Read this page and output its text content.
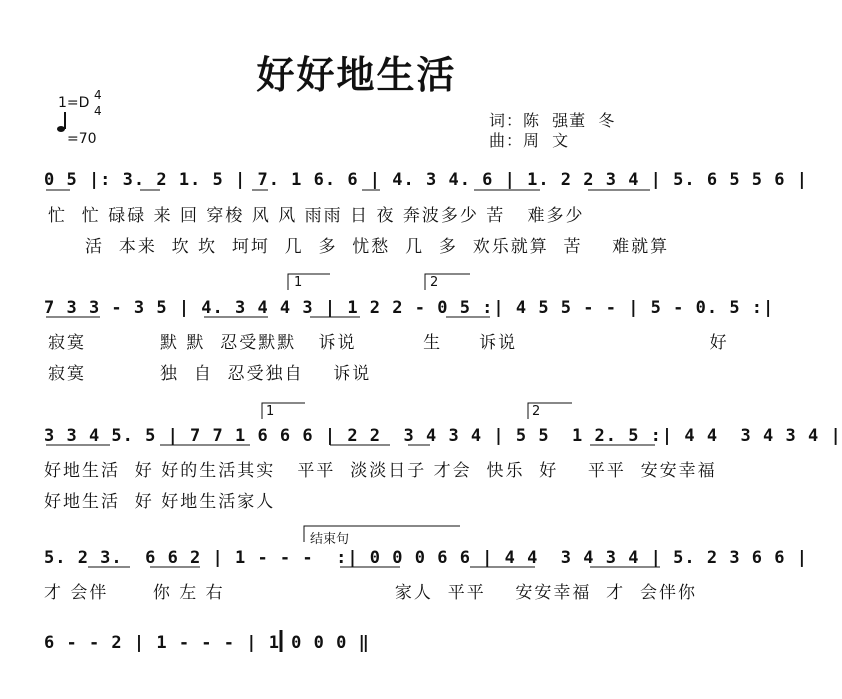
好好地生活
1=D 4
4
=70
词：陈  强董  冬
曲：周  文
0 5 |: 3. 2 1. 5 | 7. 1 6. 6 | 4. 3 4. 6 | 1. 2 2 3 4 | 5. 6 5 5 6 |
忙  忙 碌碌 来 回 穿梭 风 风 雨雨 日 夜 奔波多少 苦   难多少
活  本来  坎 坎  坷坷  几  多  忧愁  几  多  欢乐就算  苦    难就算
1	2
7 3 3 - 3 5 | 4. 3 4 4 3 | 1 2 2 - 0 5 :| 4 5 5 - - | 5 - 0. 5 :|
寂寞          默 默  忍受默默   诉说         生     诉说                          好
寂寞          独  自  忍受独自    诉说
1	2
3 3 4 5. 5 | 7 7 1 6 6 6 | 2 2  3 4 3 4 | 5 5  1 2. 5 :| 4 4  3 4 3 4 |
好地生活  好 好的生活其实   平平  淡淡日子 才会  快乐  好    平平  安安幸福
好地生活  好 好地生活家人
结束句
5. 2 3.  6 6 2 | 1 - - -  :| 0 0 0 6 6 | 4 4  3 4 3 4 | 5. 2 3 6 6 |
才 会伴      你 左 右                       家人  平平    安安幸福  才  会伴你
6 - - 2 | 1 - - - | 1 0 0 0 ‖
